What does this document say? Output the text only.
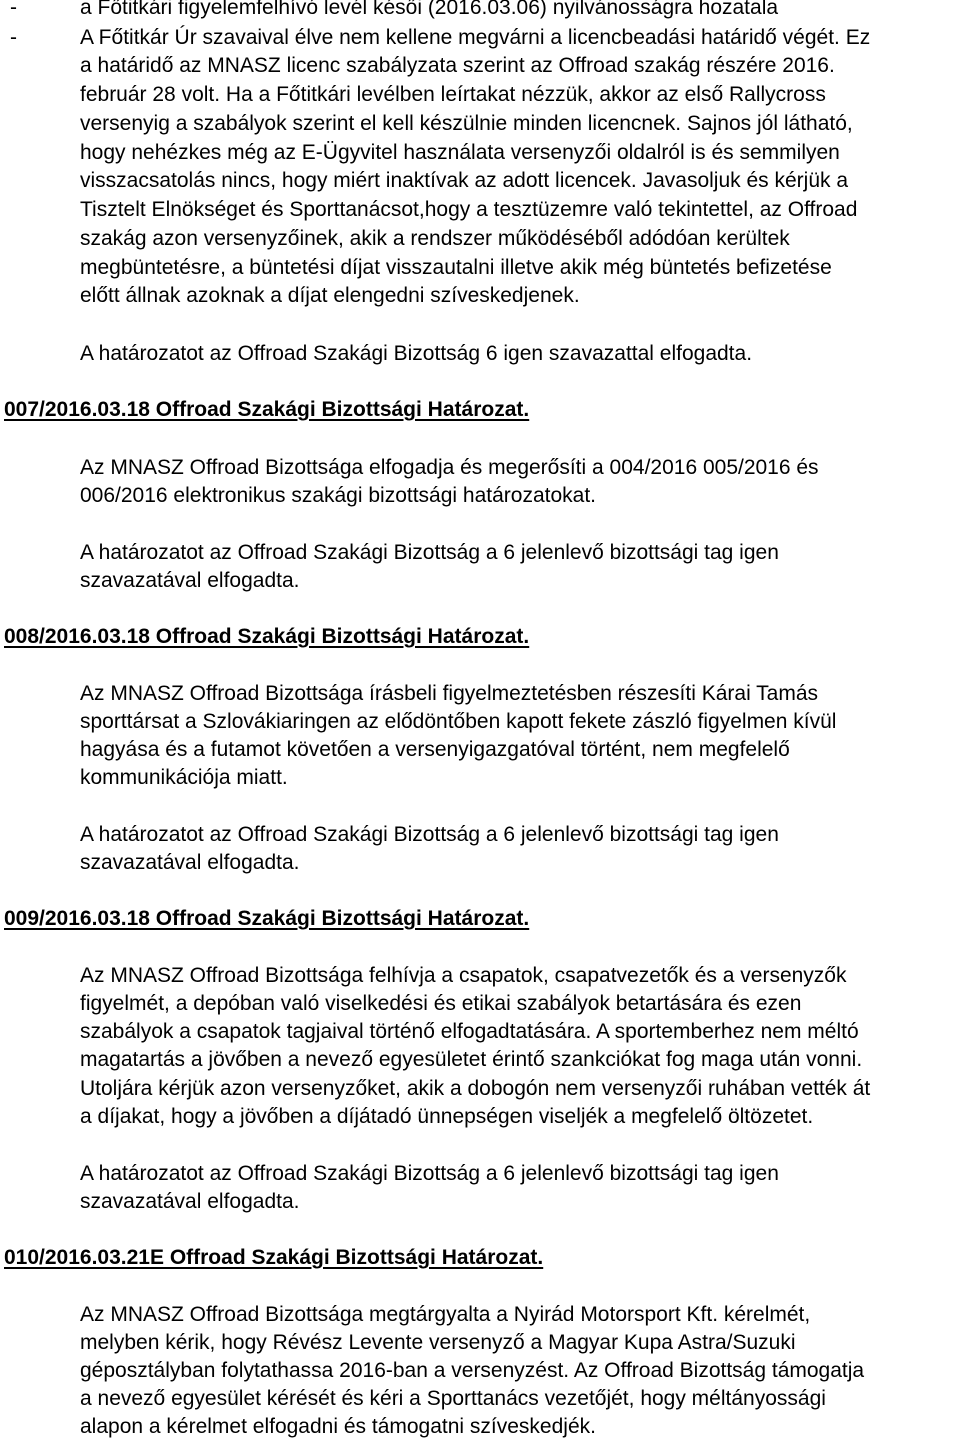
-	a Főtitkári figyelemfelhívó levél késői (2016.03.06) nyilvánosságra hozatala
-	A Főtitkár Úr szavaival élve nem kellene megvárni a licencbeadási határidő végét. Ez
a határidő az MNASZ licenc szabályzata szerint az Offroad szakág részére 2016.
február 28 volt. Ha a Főtitkári levélben leírtakat nézzük, akkor az első Rallycross
versenyig a szabályok szerint el kell készülnie minden licencnek. Sajnos jól látható,
hogy nehézkes még az E-Ügyvitel használata versenyzői oldalról is és semmilyen
visszacsatolás nincs, hogy miért inaktívak az adott licencek. Javasoljuk és kérjük a
Tisztelt Elnökséget és Sporttanácsot,hogy a tesztüzemre való tekintettel, az Offroad
szakág azon versenyzőinek, akik a rendszer működéséből adódóan kerültek
megbüntetésre, a büntetési díjat visszautalni illetve akik még büntetés befizetése
előtt állnak azoknak a díjat elengedni szíveskedjenek.
A határozatot az Offroad Szakági Bizottság 6 igen szavazattal elfogadta.
007/2016.03.18 Offroad Szakági Bizottsági Határozat.
Az MNASZ Offroad Bizottsága elfogadja és megerősíti a 004/2016 005/2016 és
006/2016 elektronikus szakági bizottsági határozatokat.
A határozatot az Offroad Szakági Bizottság a 6 jelenlevő bizottsági tag igen
szavazatával elfogadta.
008/2016.03.18 Offroad Szakági Bizottsági Határozat.
Az MNASZ Offroad Bizottsága írásbeli figyelmeztetésben részesíti Kárai Tamás
sporttársat a Szlovákiaringen az elődöntőben kapott fekete zászló figyelmen kívül
hagyása és a futamot követően a versenyigazgatóval történt, nem megfelelő
kommunikációja miatt.
A határozatot az Offroad Szakági Bizottság a 6 jelenlevő bizottsági tag igen
szavazatával elfogadta.
009/2016.03.18 Offroad Szakági Bizottsági Határozat.
Az MNASZ Offroad Bizottsága felhívja a csapatok, csapatvezetők és a versenyzők
figyelmét, a depóban való viselkedési és etikai szabályok betartására és ezen
szabályok a csapatok tagjaival történő elfogadtatására. A sportemberhez nem méltó
magatartás a jövőben a nevező egyesületet érintő szankciókat fog maga után vonni.
Utoljára kérjük azon versenyzőket, akik a dobogón nem versenyzői ruhában vették át
a díjakat, hogy a jövőben a díjátadó ünnepségen viseljék a megfelelő öltözetet.
A határozatot az Offroad Szakági Bizottság a 6 jelenlevő bizottsági tag igen
szavazatával elfogadta.
010/2016.03.21E Offroad Szakági Bizottsági Határozat.
Az MNASZ Offroad Bizottsága megtárgyalta a Nyirád Motorsport Kft. kérelmét,
melyben kérik, hogy Révész Levente versenyző a Magyar Kupa Astra/Suzuki
géposztályban folytathassa 2016-ban a versenyzést. Az Offroad Bizottság támogatja
a nevező egyesület kérését és kéri a Sporttanács vezetőjét, hogy méltányossági
alapon a kérelmet elfogadni és támogatni szíveskedjék.
